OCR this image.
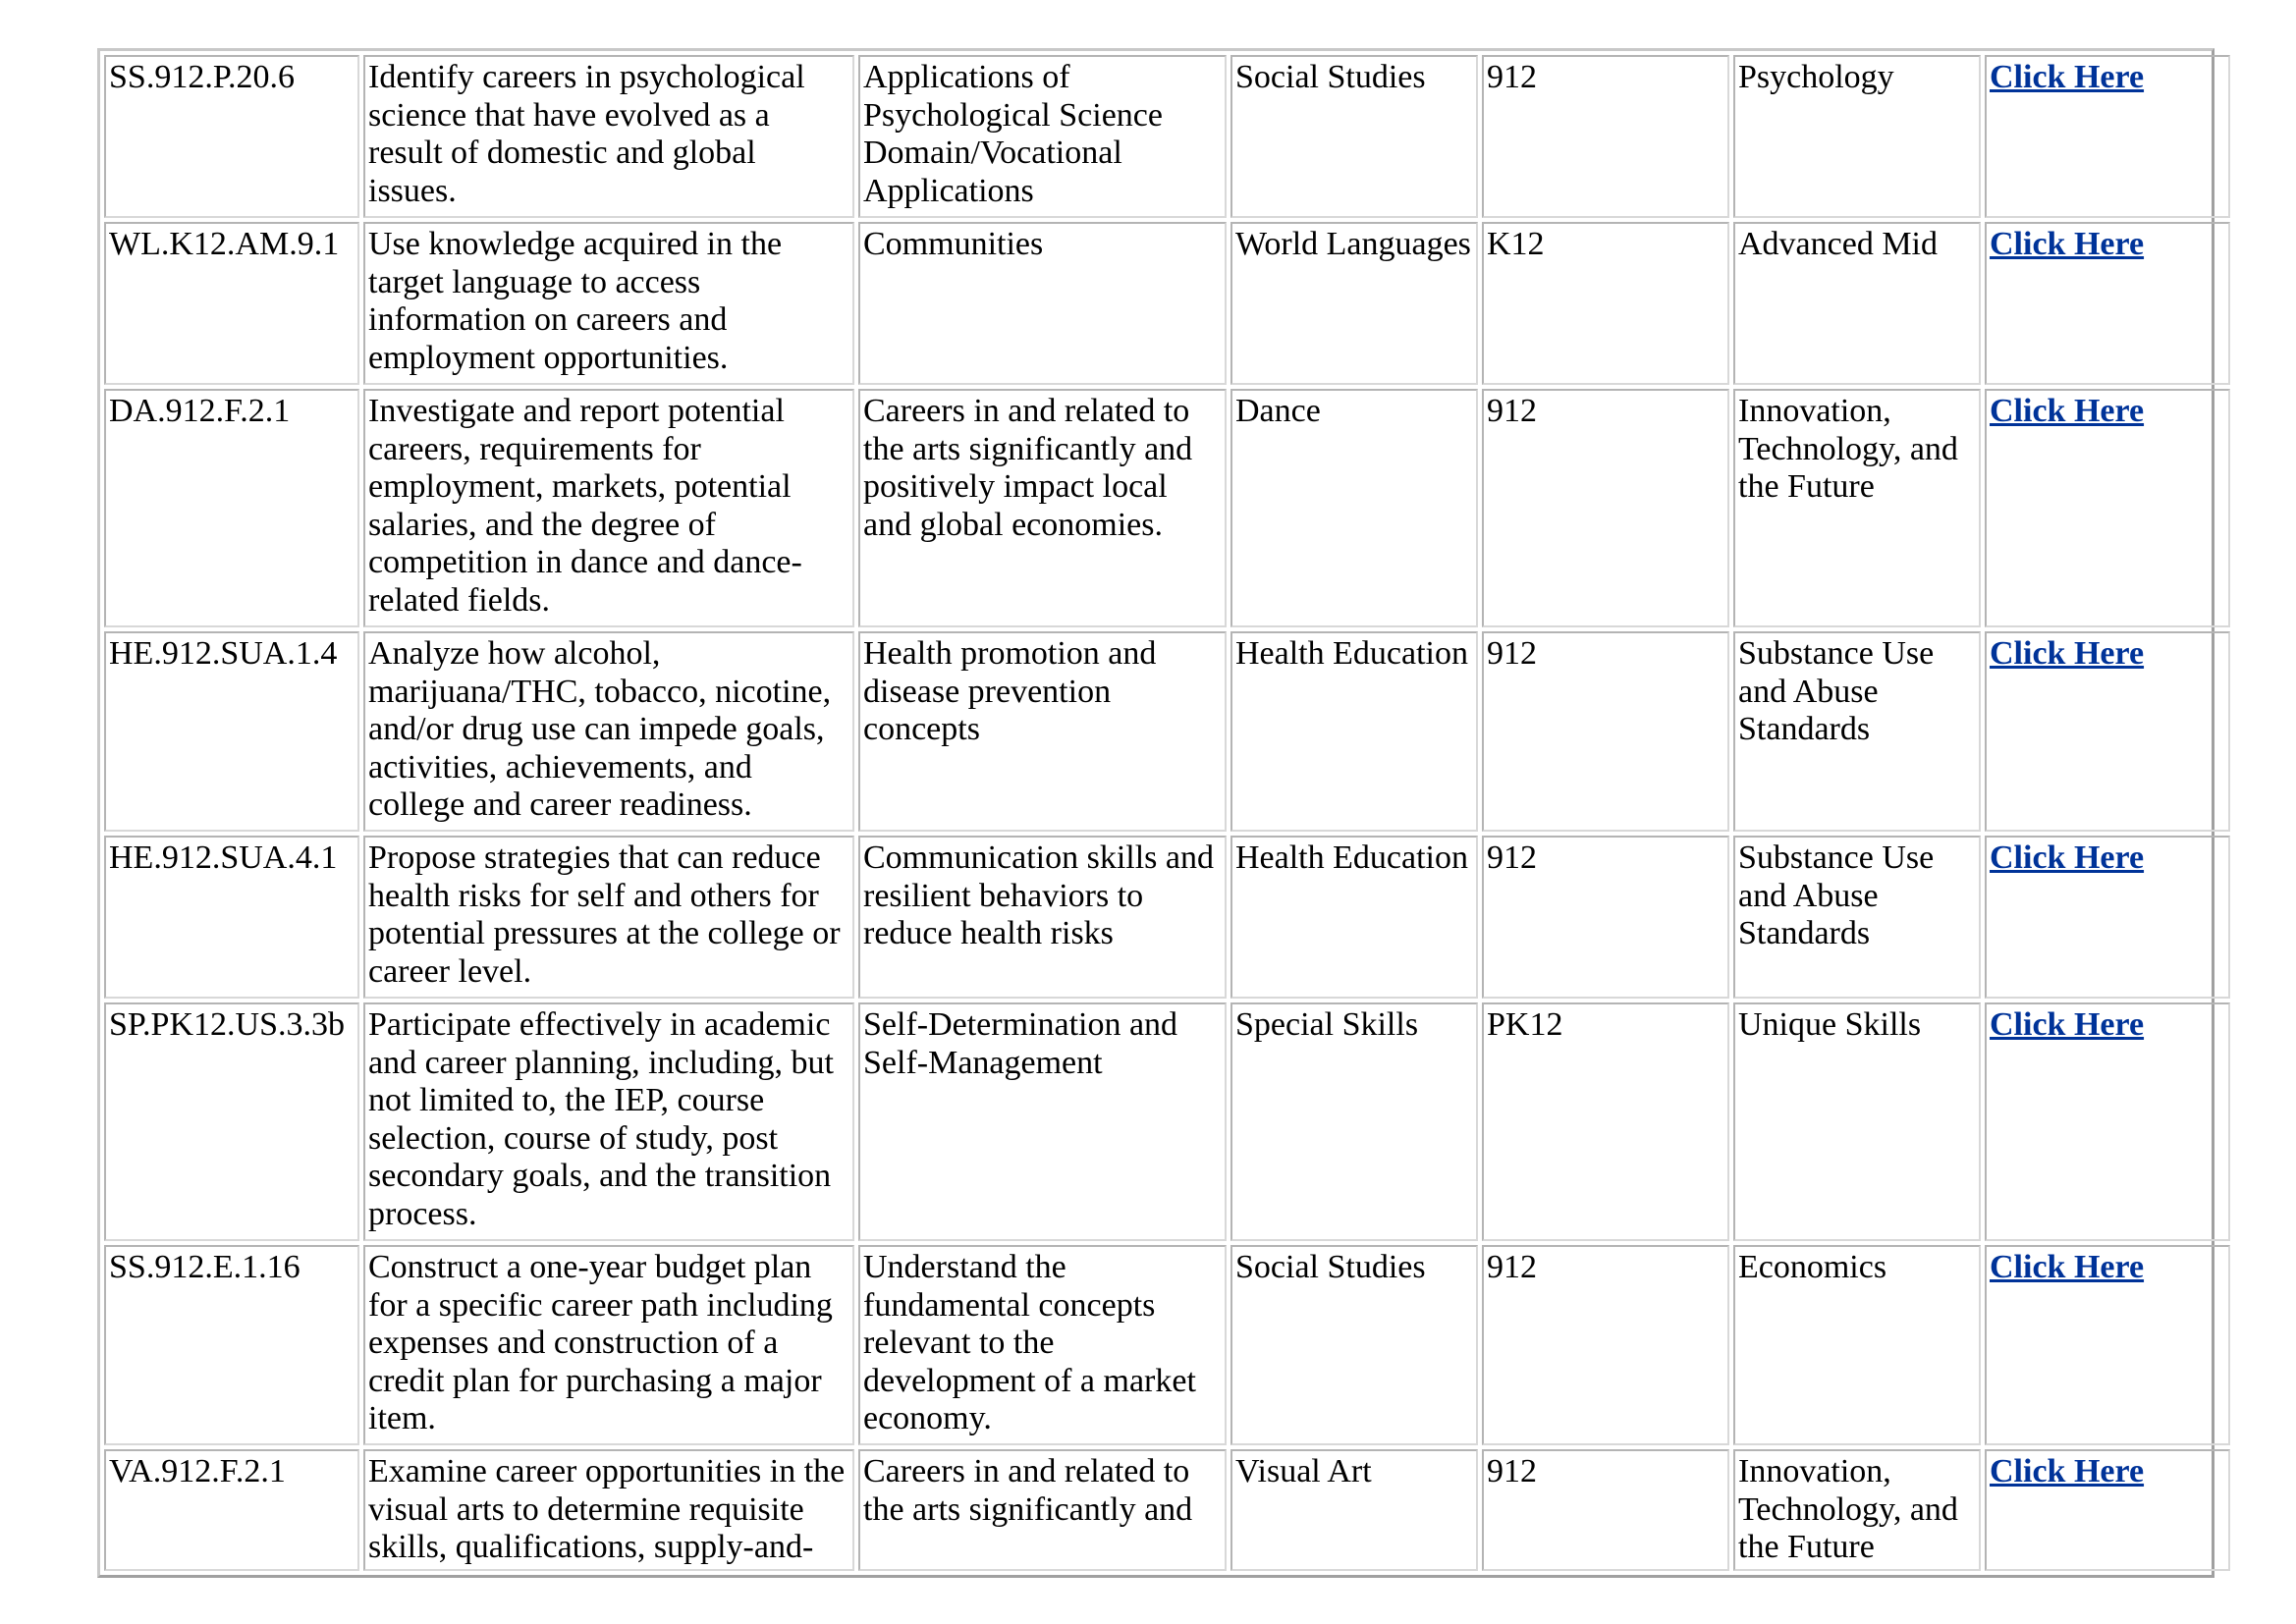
SS.912.P.20.6	Identify careers in psychological science that have evolved as a result of domestic and global issues.	Applications of Psychological Science Domain/Vocational Applications	Social Studies	912	Psychology	Click Here
WL.K12.AM.9.1	Use knowledge acquired in the target language to access information on careers and employment opportunities.	Communities	World Languages	K12	Advanced Mid	Click Here
DA.912.F.2.1	Investigate and report potential careers, requirements for employment, markets, potential salaries, and the degree of competition in dance and dance-related fields.	Careers in and related to the arts significantly and positively impact local and global economies.	Dance	912	Innovation, Technology, and the Future	Click Here
HE.912.SUA.1.4	Analyze how alcohol, marijuana/THC, tobacco, nicotine, and/or drug use can impede goals, activities, achievements, and college and career readiness.	Health promotion and disease prevention concepts	Health Education	912	Substance Use and Abuse Standards	Click Here
HE.912.SUA.4.1	Propose strategies that can reduce health risks for self and others for potential pressures at the college or career level.	Communication skills and resilient behaviors to reduce health risks	Health Education	912	Substance Use and Abuse Standards	Click Here
SP.PK12.US.3.3b	Participate effectively in academic and career planning, including, but not limited to, the IEP, course selection, course of study, post secondary goals, and the transition process.	Self-Determination and Self-Management	Special Skills	PK12	Unique Skills	Click Here
SS.912.E.1.16	Construct a one-year budget plan for a specific career path including expenses and construction of a credit plan for purchasing a major item.	Understand the fundamental concepts relevant to the development of a market economy.	Social Studies	912	Economics	Click Here
VA.912.F.2.1	Examine career opportunities in the visual arts to determine requisite skills, qualifications, supply-and-	Careers in and related to the arts significantly and	Visual Art	912	Innovation, Technology, and the Future	Click Here
